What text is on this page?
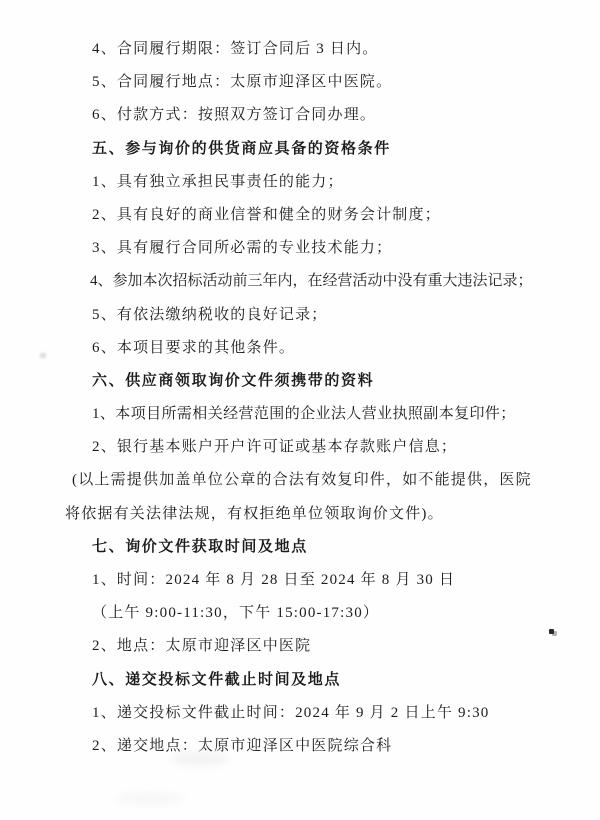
4、合同履行期限：签订合同后 3 日内。

5、合同履行地点：太原市迎泽区中医院。

6、付款方式：按照双方签订合同办理。

五、参与询价的供货商应具备的资格条件

1、具有独立承担民事责任的能力；

2、具有良好的商业信誉和健全的财务会计制度；

3、具有履行合同所必需的专业技术能力；

4、参加本次招标活动前三年内，在经营活动中没有重大违法记录；

5、有依法缴纳税收的良好记录；

6、本项目要求的其他条件。

六、供应商领取询价文件须携带的资料

1、本项目所需相关经营范围的企业法人营业执照副本复印件；

2、银行基本账户开户许可证或基本存款账户信息；

(以上需提供加盖单位公章的合法有效复印件，如不能提供，医院

将依据有关法律法规，有权拒绝单位领取询价文件)。

七、询价文件获取时间及地点

1、时间：2024 年 8 月 28 日至 2024 年 8 月 30 日

（上午 9:00-11:30，下午 15:00-17:30）

2、地点：太原市迎泽区中医院

八、递交投标文件截止时间及地点

1、递交投标文件截止时间：2024 年 9 月 2 日上午 9:30

2、递交地点：太原市迎泽区中医院综合科
